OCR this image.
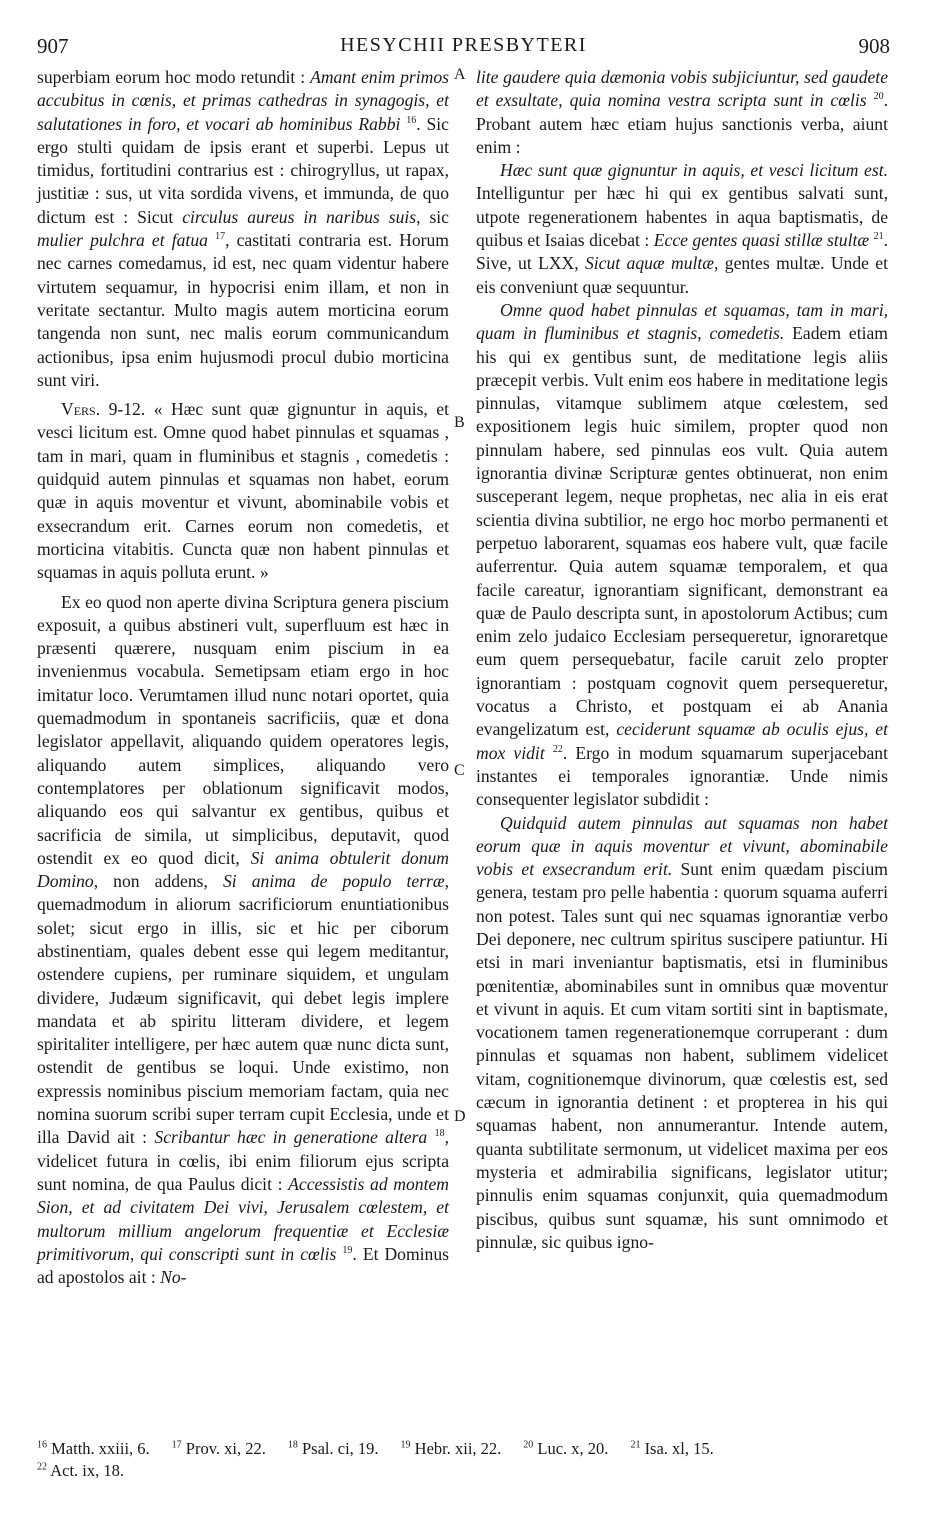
907	HESYCHII PRESBYTERI	908

superbiam eorum hoc modo retundit : Amant enim primos accubitus in cœnis, et primas cathedras in synagogis, et salutationes in foro, et vocari ab hominibus Rabbi $^{16}$. Sic ergo stulti quidam de ipsis erant et superbi. Lepus ut timidus, fortitudini contrarius est : chirogryllus, ut rapax, justitiæ : sus, ut vita sordida vivens, et immunda, de quo dictum est : Sicut circulus aureus in naribus suis, sic mulier pulchra et fatua $^{17}$, castitati contraria est. Horum nec carnes comedamus, id est, nec quam videntur habere virtutem sequamur, in hypocrisi enim illam, et non in veritate sectantur. Multo magis autem morticina eorum tangenda non sunt, nec malis eorum communicandum actionibus, ipsa enim hujusmodi procul dubio morticina sunt viri.

Vers. 9-12. « Hæc sunt quæ gignuntur in aquis, et vesci licitum est. Omne quod habet pinnulas et squamas , tam in mari, quam in fluminibus et stagnis , comedetis : quidquid autem pinnulas et squamas non habet, eorum quæ in aquis moventur et vivunt, abominabile vobis et exsecrandum erit. Carnes eorum non comedetis, et morticina vitabitis. Cuncta quæ non habent pinnulas et squamas in aquis polluta erunt. »

Ex eo quod non aperte divina Scriptura genera piscium exposuit, a quibus abstineri vult, superfluum est hæc in præsenti quærere, nusquam enim piscium in ea invenienmus vocabula. Semetipsam etiam ergo in hoc imitatur loco. Verumtamen illud nunc notari oportet, quia quemadmodum in spontaneis sacrificiis, quæ et dona legislator appellavit, aliquando quidem operatores legis, aliquando autem simplices, aliquando vero contemplatores per oblationum significavit modos, aliquando eos qui salvantur ex gentibus, quibus et sacrificia de simila, ut simplicibus, deputavit, quod ostendit ex eo quod dicit, Si anima obtulerit donum Domino, non addens, Si anima de populo terræ, quemadmodum in aliorum sacrificiorum enuntiationibus solet; sicut ergo in illis, sic et hic per ciborum abstinentiam, quales debent esse qui legem meditantur, ostendere cupiens, per ruminare siquidem, et ungulam dividere, Judæum significavit, qui debet legis implere mandata et ab spiritu litteram dividere, et legem spiritaliter intelligere, per hæc autem quæ nunc dicta sunt, ostendit de gentibus se loqui. Unde existimo, non expressis nominibus piscium memoriam factam, quia nec nomina suorum scribi super terram cupit Ecclesia, unde et illa David ait : Scribantur hæc in generatione altera $^{18}$, videlicet futura in cœlis, ibi enim filiorum ejus scripta sunt nomina, de qua Paulus dicit : Accessistis ad montem Sion, et ad civitatem Dei vivi, Jerusalem cœlestem, et multorum millium angelorum frequentiæ et Ecclesiæ primitivorum, qui conscripti sunt in cœlis $^{19}$. Et Dominus ad apostolos ait : No-

A
B
C
D

lite gaudere quia dæmonia vobis subjiciuntur, sed gaudete et exsultate, quia nomina vestra scripta sunt in cœlis $^{20}$. Probant autem hæc etiam hujus sanctionis verba, aiunt enim :

Hæc sunt quæ gignuntur in aquis, et vesci licitum est. Intelliguntur per hæc hi qui ex gentibus salvati sunt, utpote regenerationem habentes in aqua baptismatis, de quibus et Isaias dicebat : Ecce gentes quasi stillæ stultæ $^{21}$. Sive, ut LXX, Sicut aquæ multæ, gentes multæ. Unde et eis conveniunt quæ sequuntur.

Omne quod habet pinnulas et squamas, tam in mari, quam in fluminibus et stagnis, comedetis. Eadem etiam his qui ex gentibus sunt, de meditatione legis aliis præcepit verbis. Vult enim eos habere in meditatione legis pinnulas, vitamque sublimem atque cœlestem, sed expositionem legis huic similem, propter quod non pinnulam habere, sed pinnulas eos vult. Quia autem ignorantia divinæ Scripturæ gentes obtinuerat, non enim susceperant legem, neque prophetas, nec alia in eis erat scientia divina subtilior, ne ergo hoc morbo permanenti et perpetuo laborarent, squamas eos habere vult, quæ facile auferrentur. Quia autem squamæ temporalem, et qua facile careatur, ignorantiam significant, demonstrant ea quæ de Paulo descripta sunt, in apostolorum Actibus; cum enim zelo judaico Ecclesiam persequeretur, ignoraretque eum quem persequebatur, facile caruit zelo propter ignorantiam : postquam cognovit quem persequeretur, vocatus a Christo, et postquam ei ab Anania evangelizatum est, ceciderunt squamæ ab oculis ejus, et mox vidit $^{22}$. Ergo in modum squamarum superjacebant instantes ei temporales ignorantiæ. Unde nimis consequenter legislator subdidit :

Quidquid autem pinnulas aut squamas non habet eorum quæ in aquis moventur et vivunt, abominabile vobis et exsecrandum erit. Sunt enim quædam piscium genera, testam pro pelle habentia : quorum squama auferri non potest. Tales sunt qui nec squamas ignorantiæ verbo Dei deponere, nec cultrum spiritus suscipere patiuntur. Hi etsi in mari inveniantur baptismatis, etsi in fluminibus pœnitentiæ, abominabiles sunt in omnibus quæ moventur et vivunt in aquis. Et cum vitam sortiti sint in baptismate, vocationem tamen regenerationemque corruperant : dum pinnulas et squamas non habent, sublimem videlicet vitam, cognitionemque divinorum, quæ cœlestis est, sed cæcum in ignorantia detinent : et propterea in his qui squamas habent, non annumerantur. Intende autem, quanta subtilitate sermonum, ut videlicet maxima per eos mysteria et admirabilia significans, legislator utitur; pinnulis enim squamas conjunxit, quia quemadmodum piscibus, quibus sunt squamæ, his sunt omnimodo et pinnulæ, sic quibus igno-

$^{16}$ Matth. xxiii, 6. $^{17}$ Prov. xi, 22. $^{18}$ Psal. ci, 19. $^{19}$ Hebr. xii, 22. $^{20}$ Luc. x, 20. $^{21}$ Isa. xl, 15.
$^{22}$ Act. ix, 18.
